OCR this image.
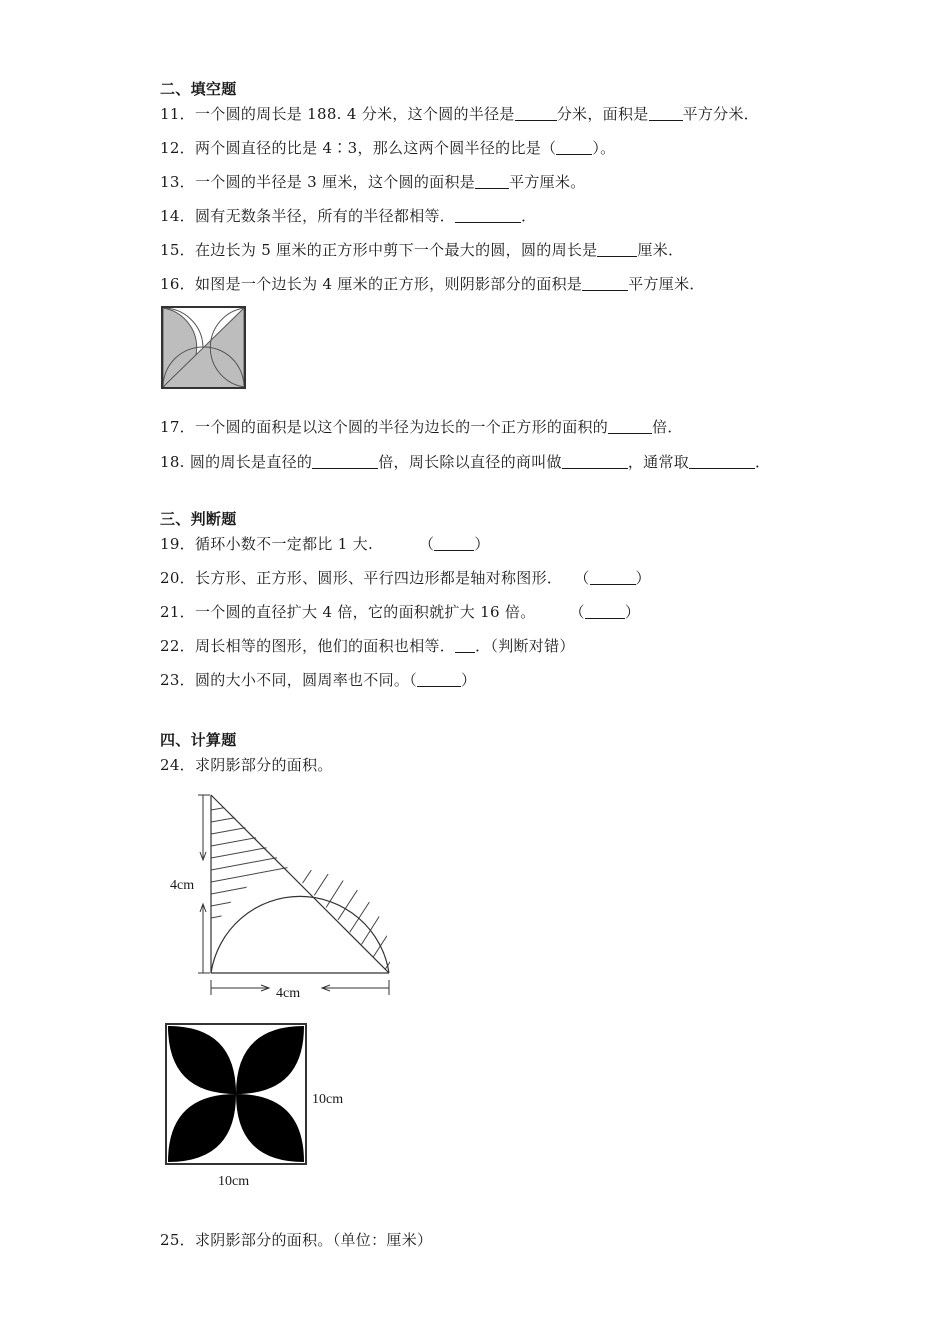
二、填空题
11．一个圆的周长是 188. 4 分米，这个圆的半径是	分米，面积是 平方分米．
12．两个圆直径的比是 4∶3，那么这两个圆半径的比是（ ）。
13．一个圆的半径是 3 厘米，这个圆的面积是 平方厘米。
14．圆有无数条半径，所有的半径都相等．	．
15．在边长为 5 厘米的正方形中剪下一个最大的圆，圆的周长是	厘米．
16．如图是一个边长为 4 厘米的正方形，则阴影部分的面积是	平方厘米．
17．一个圆的面积是以这个圆的半径为边长的一个正方形的面积的	倍．
18. 圆的周长是直径的	倍，周长除以直径的商叫做	，通常取	．
三、判断题
19．循环小数不一定都比 1 大.	（	）
20．长方形、正方形、圆形、平行四边形都是轴对称图形． （	）
21．一个圆的直径扩大 4 倍，它的面积就扩大 16 倍。 （	）
22．周长相等的图形，他们的面积也相等． ．（判断对错）
23．圆的大小不同，圆周率也不同。（	）
四、计算题
24．求阴影部分的面积。
4cm
4cm
10cm
10cm
25．求阴影部分的面积。（单位：厘米）
